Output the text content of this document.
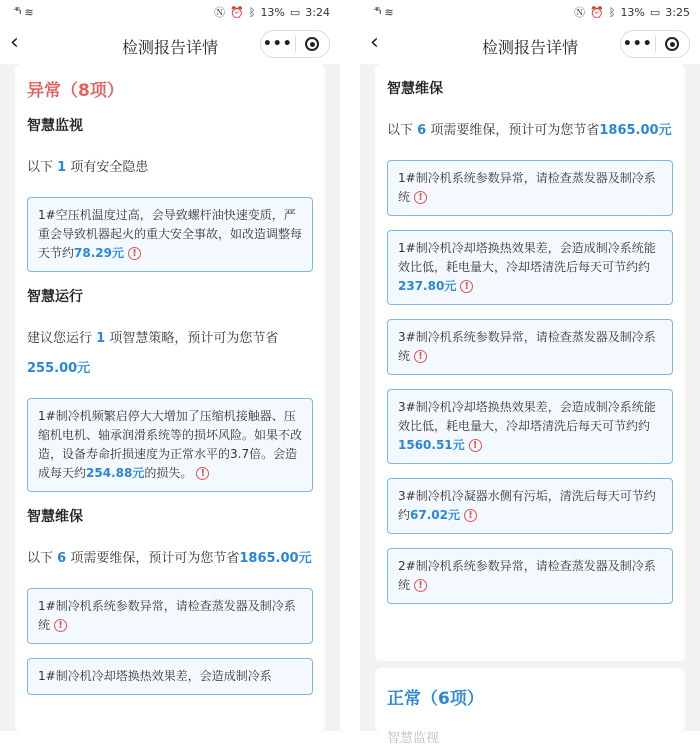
⁴⁶ᵢₗ ≋	Ⓝ ⏰ ᛒ 13% ▭ 3:24
‹	检测报告详情	•••
异常（8项）
智慧监视
以下 1 项有安全隐患
1#空压机温度过高，会导致螺杆油快速变质，严重会导致机器起火的重大安全事故，如改造调整每天节约78.29元 !
智慧运行
建议您运行 1 项智慧策略，预计可为您节省255.00元
1#制冷机频繁启停大大增加了压缩机接触器、压缩机电机、轴承润滑系统等的损坏风险。如果不改造，设备寿命折损速度为正常水平的3.7倍。会造成每天约254.88元的损失。 !
智慧维保
以下 6 项需要维保，预计可为您节省1865.00元
1#制冷机系统参数异常，请检查蒸发器及制冷系统 !
1#制冷机冷却塔换热效果差，会造成制冷系
⁴⁶ᵢₗ ≋	Ⓝ ⏰ ᛒ 13% ▭ 3:25
‹	检测报告详情	•••
智慧维保
以下 6 项需要维保，预计可为您节省1865.00元
1#制冷机系统参数异常，请检查蒸发器及制冷系统 !
1#制冷机冷却塔换热效果差，会造成制冷系统能效比低，耗电量大，冷却塔清洗后每天可节约约237.80元 !
3#制冷机系统参数异常，请检查蒸发器及制冷系统 !
3#制冷机冷却塔换热效果差，会造成制冷系统能效比低，耗电量大，冷却塔清洗后每天可节约约1560.51元 !
3#制冷机冷凝器水侧有污垢，清洗后每天可节约约67.02元 !
2#制冷机系统参数异常，请检查蒸发器及制冷系统 !
正常（6项）
智慧监视
